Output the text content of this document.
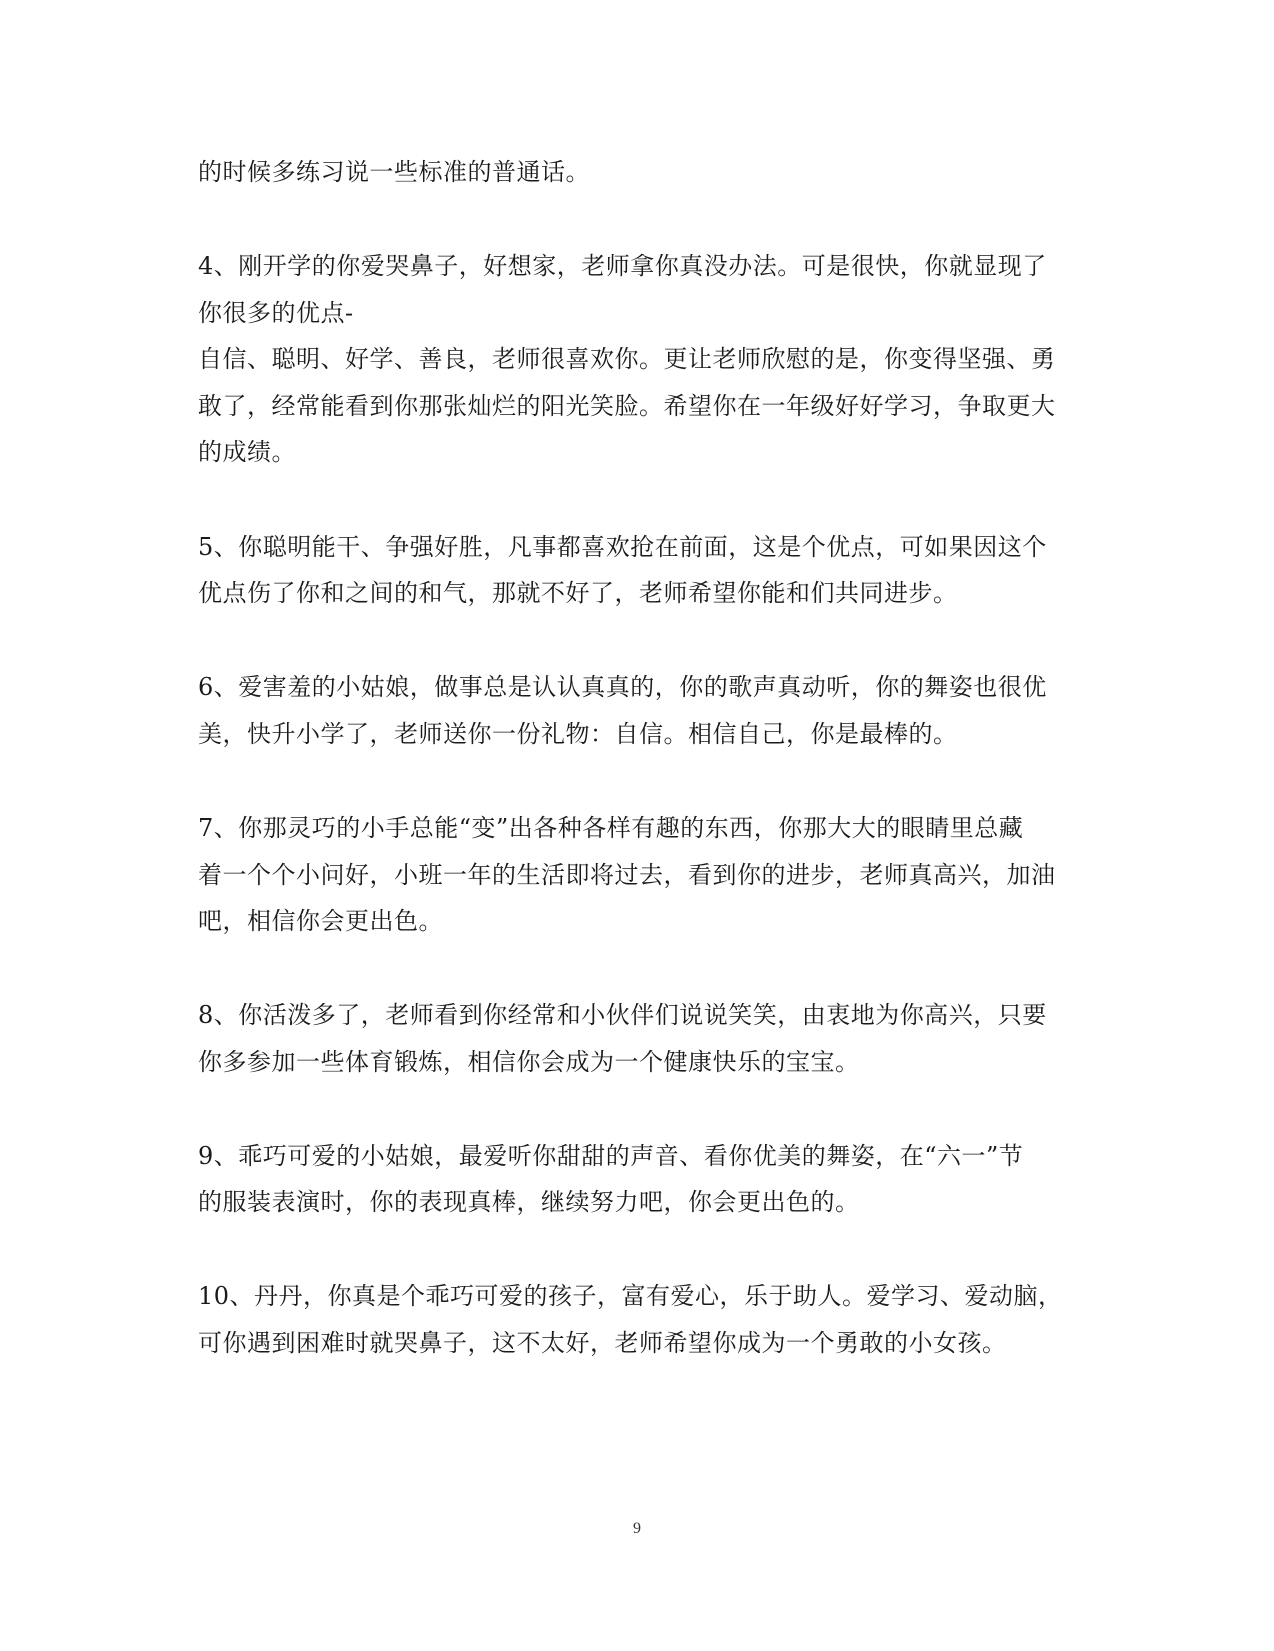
的时候多练习说一些标准的普通话。
4、刚开学的你爱哭鼻子，好想家，老师拿你真没办法。可是很快，你就显现了
你很多的优点-
自信、聪明、好学、善良，老师很喜欢你。更让老师欣慰的是，你变得坚强、勇
敢了，经常能看到你那张灿烂的阳光笑脸。希望你在一年级好好学习，争取更大
的成绩。
5、你聪明能干、争强好胜，凡事都喜欢抢在前面，这是个优点，可如果因这个
优点伤了你和之间的和气，那就不好了，老师希望你能和们共同进步。
6、爱害羞的小姑娘，做事总是认认真真的，你的歌声真动听，你的舞姿也很优
美，快升小学了，老师送你一份礼物：自信。相信自己，你是最棒的。
7、你那灵巧的小手总能“变”出各种各样有趣的东西，你那大大的眼睛里总藏
着一个个小问好，小班一年的生活即将过去，看到你的进步，老师真高兴，加油
吧，相信你会更出色。
8、你活泼多了，老师看到你经常和小伙伴们说说笑笑，由衷地为你高兴，只要
你多参加一些体育锻炼，相信你会成为一个健康快乐的宝宝。
9、乖巧可爱的小姑娘，最爱听你甜甜的声音、看你优美的舞姿，在“六一”节
的服装表演时，你的表现真棒，继续努力吧，你会更出色的。
10、丹丹，你真是个乖巧可爱的孩子，富有爱心，乐于助人。爱学习、爱动脑，
可你遇到困难时就哭鼻子，这不太好，老师希望你成为一个勇敢的小女孩。
9
